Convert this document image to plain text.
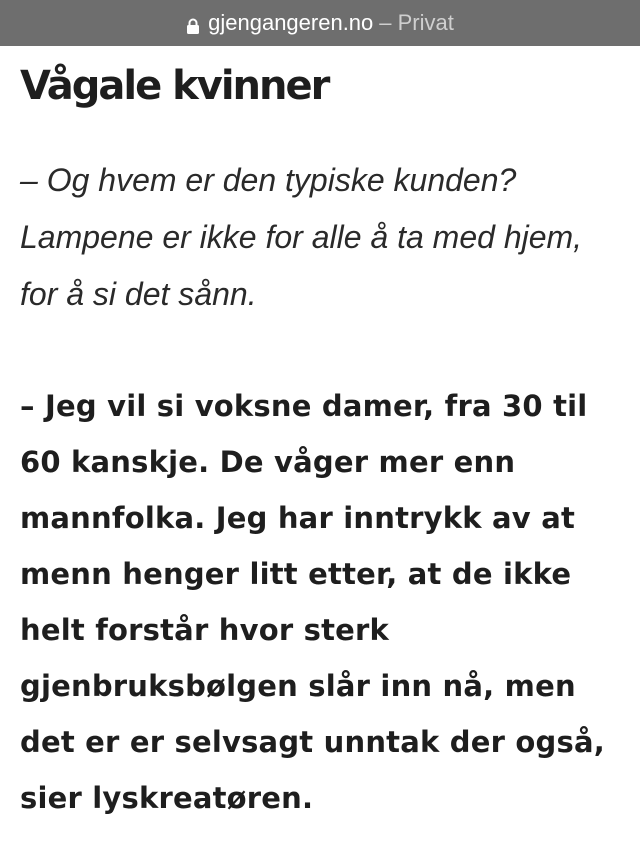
gjengangeren.no – Privat
Vågale kvinner

– Og hvem er den typiske kunden? Lampene er ikke for alle å ta med hjem, for å si det sånn.

– Jeg vil si voksne damer, fra 30 til 60 kanskje. De våger mer enn mannfolka. Jeg har inntrykk av at menn henger litt etter, at de ikke helt forstår hvor sterk gjenbruksbølgen slår inn nå, men det er er selvsagt unntak der også, sier lyskreatøren.
